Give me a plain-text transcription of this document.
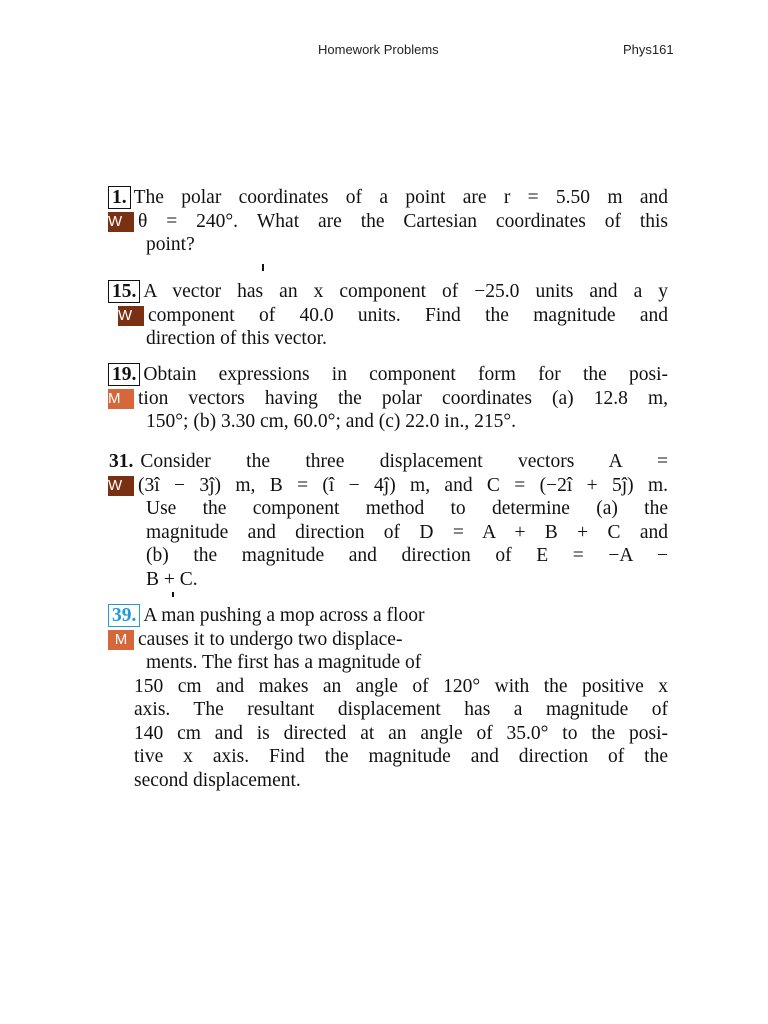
Homework Problems	Phys161
1. The polar coordinates of a point are r = 5.50 m and
W θ = 240°. What are the Cartesian coordinates of this
point?
15. A vector has an x component of −25.0 units and a y
W component of 40.0 units. Find the magnitude and
direction of this vector.
19. Obtain expressions in component form for the posi-
M tion vectors having the polar coordinates (a) 12.8 m,
150°; (b) 3.30 cm, 60.0°; and (c) 22.0 in., 215°.
31. Consider the three displacement vectors A =
W (3î − 3ĵ) m, B = (î − 4ĵ) m, and C = (−2î + 5ĵ) m.
Use the component method to determine (a) the
magnitude and direction of D = A + B + C and
(b) the magnitude and direction of E = −A −
B + C.
39. A man pushing a mop across a floor
M causes it to undergo two displace-
ments. The first has a magnitude of
150 cm and makes an angle of 120° with the positive x
axis. The resultant displacement has a magnitude of
140 cm and is directed at an angle of 35.0° to the posi-
tive x axis. Find the magnitude and direction of the
second displacement.
